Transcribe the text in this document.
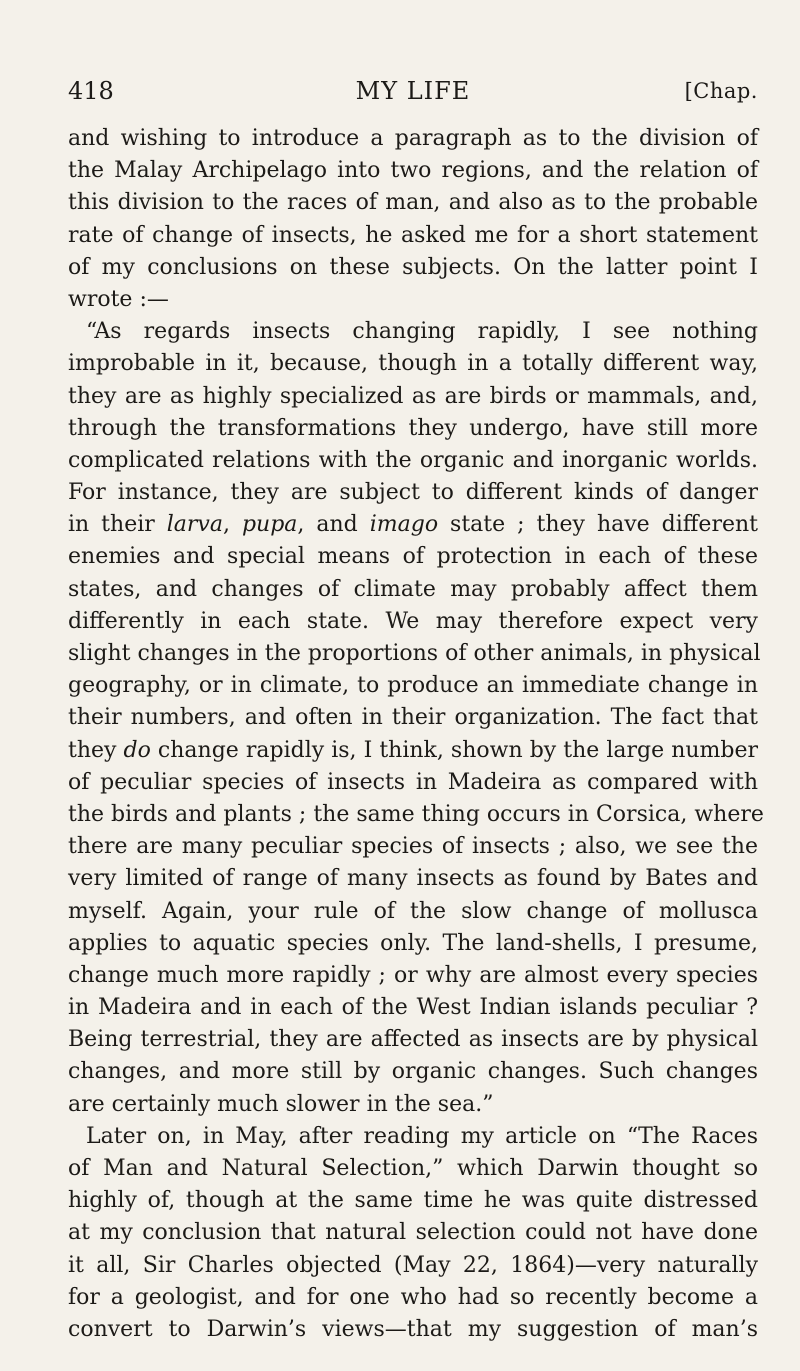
418	MY LIFE	[Chap.
and wishing to introduce a paragraph as to the division of
the Malay Archipelago into two regions, and the relation of
this division to the races of man, and also as to the probable
rate of change of insects, he asked me for a short statement
of my conclusions on these subjects. On the latter point I
wrote :—
“As regards insects changing rapidly, I see nothing
improbable in it, because, though in a totally different way,
they are as highly specialized as are birds or mammals, and,
through the transformations they undergo, have still more
complicated relations with the organic and inorganic worlds.
For instance, they are subject to different kinds of danger
in their larva, pupa, and imago state ; they have different
enemies and special means of protection in each of these
states, and changes of climate may probably affect them
differently in each state. We may therefore expect very
slight changes in the proportions of other animals, in physical
geography, or in climate, to produce an immediate change in
their numbers, and often in their organization. The fact that
they do change rapidly is, I think, shown by the large number
of peculiar species of insects in Madeira as compared with
the birds and plants ; the same thing occurs in Corsica, where
there are many peculiar species of insects ; also, we see the
very limited of range of many insects as found by Bates and
myself. Again, your rule of the slow change of mollusca
applies to aquatic species only. The land-shells, I presume,
change much more rapidly ; or why are almost every species
in Madeira and in each of the West Indian islands peculiar ?
Being terrestrial, they are affected as insects are by physical
changes, and more still by organic changes. Such changes
are certainly much slower in the sea.”
Later on, in May, after reading my article on “The Races
of Man and Natural Selection,” which Darwin thought so
highly of, though at the same time he was quite distressed
at my conclusion that natural selection could not have done
it all, Sir Charles objected (May 22, 1864)—very naturally
for a geologist, and for one who had so recently become a
convert to Darwin’s views—that my suggestion of man’s
